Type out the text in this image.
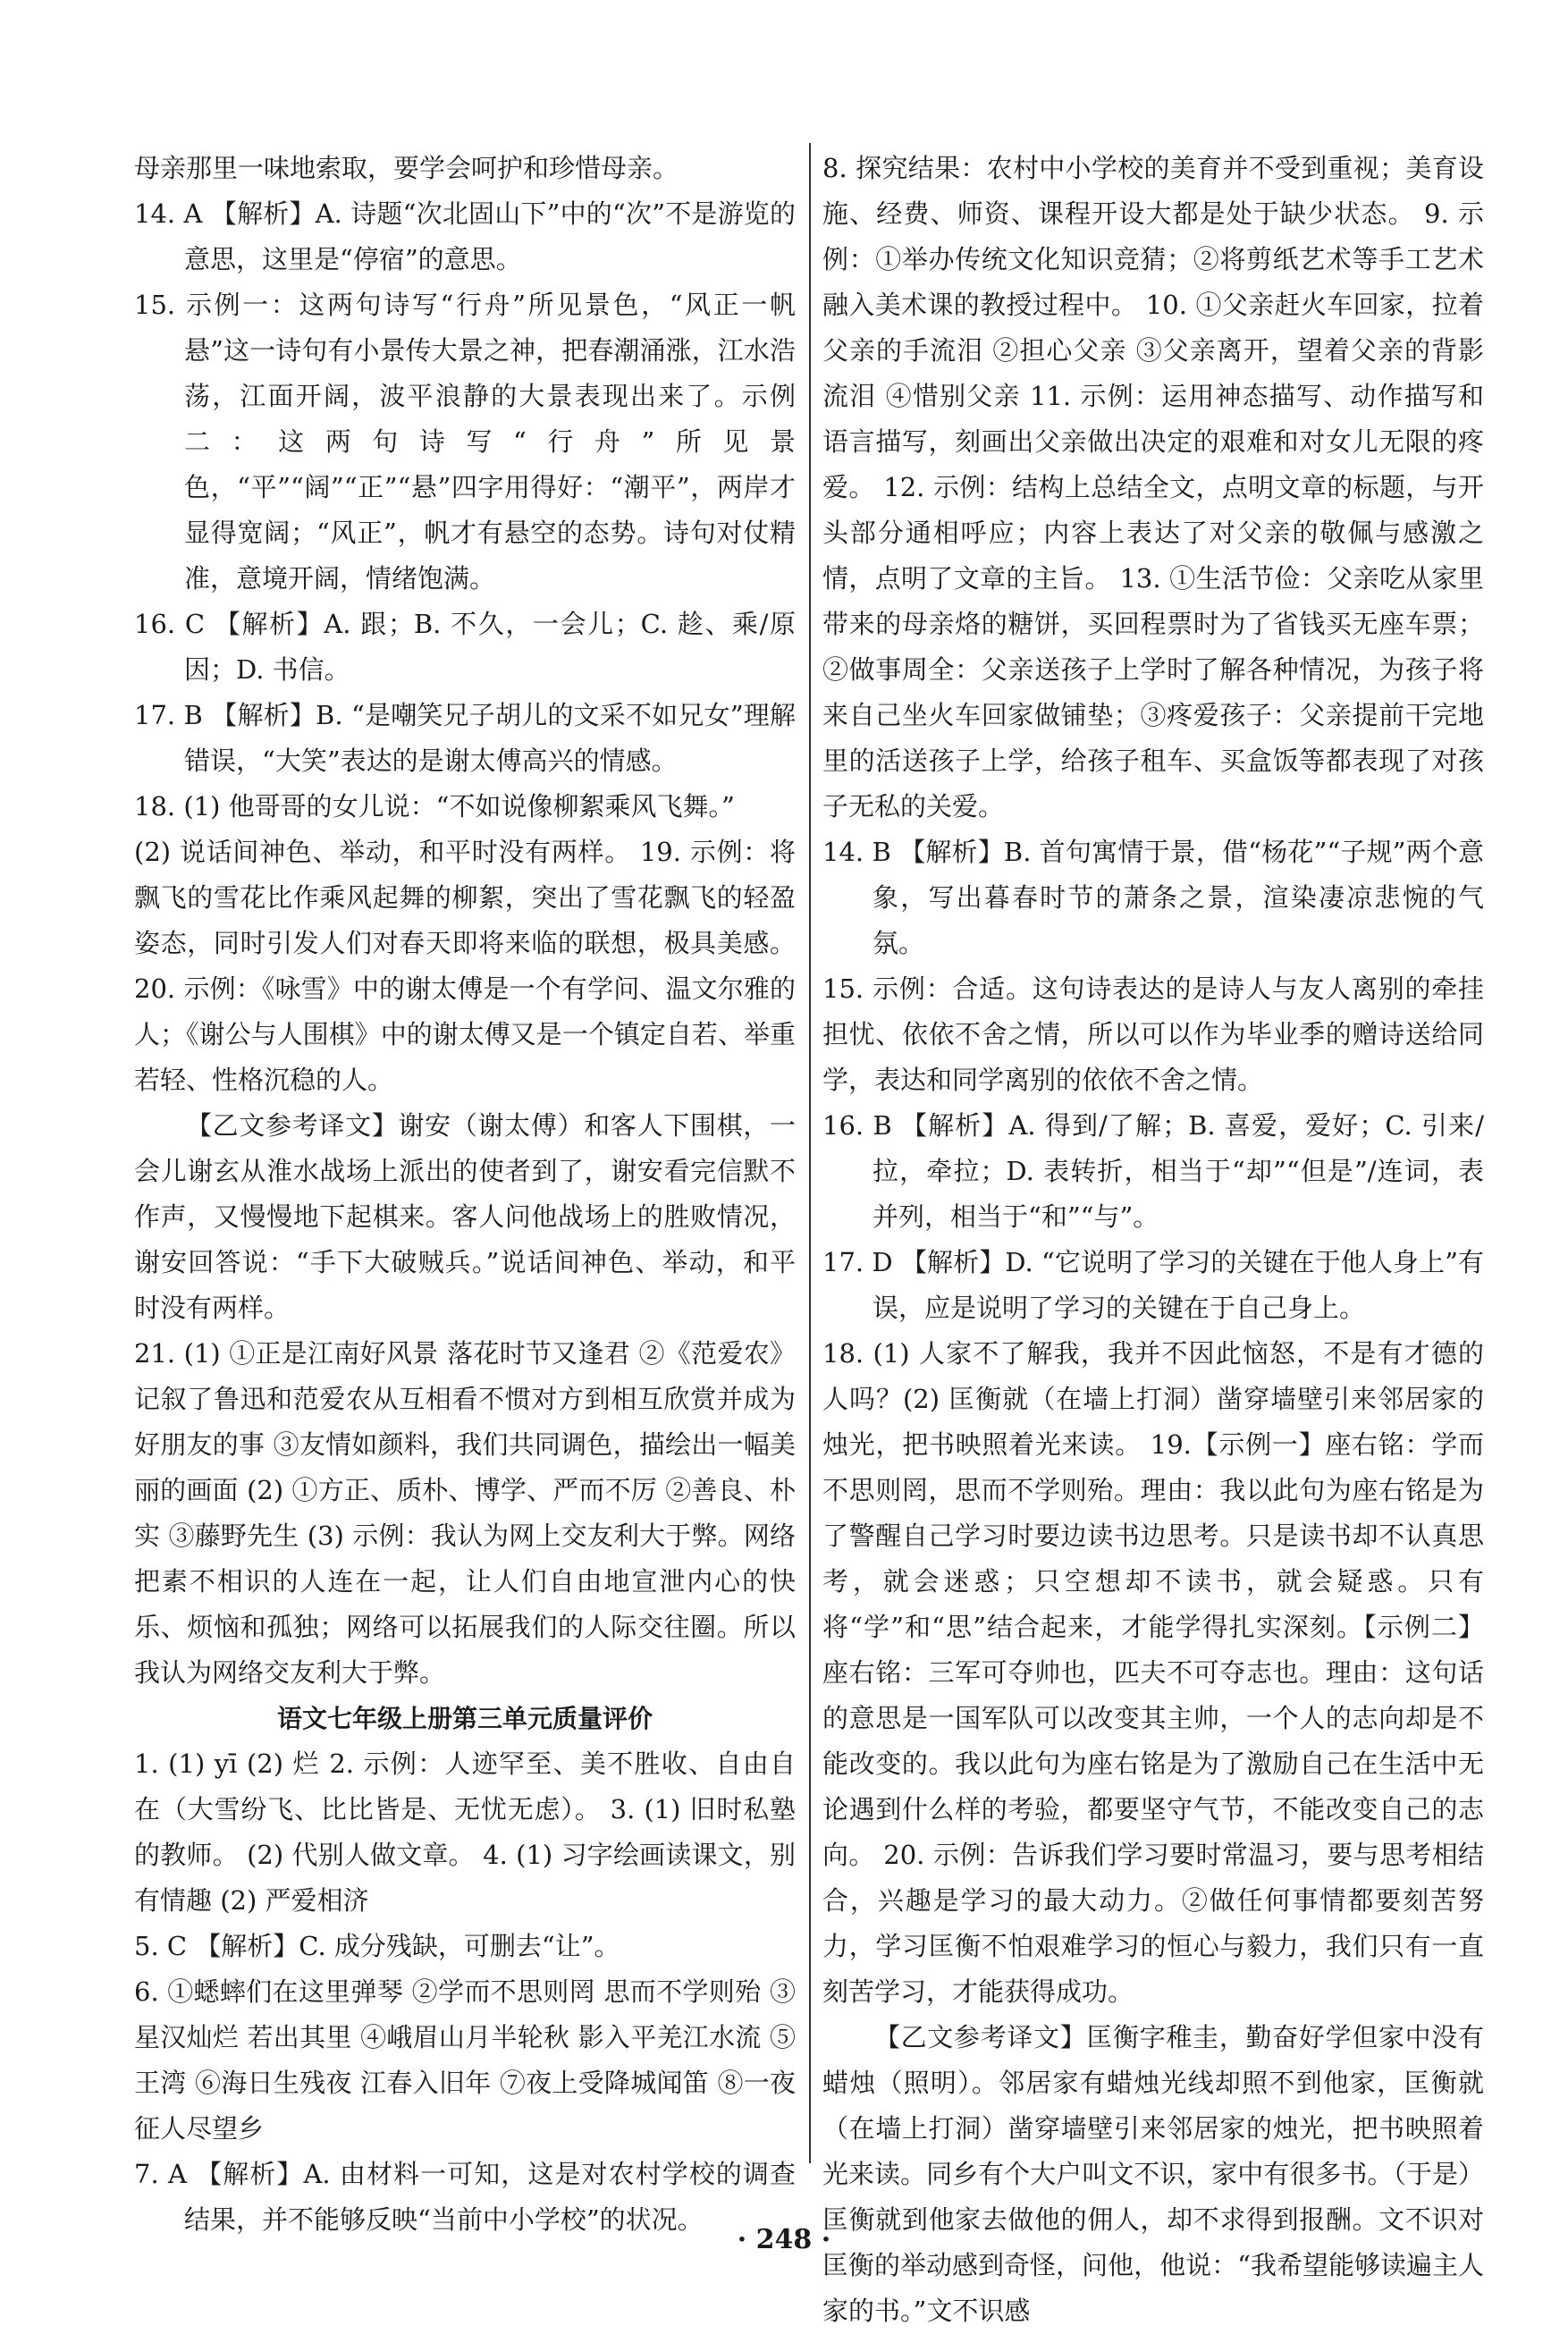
母亲那里一味地索取，要学会呵护和珍惜母亲。

14. A 【解析】A. 诗题“次北固山下”中的“次”不是游览的意思，这里是“停宿”的意思。

15. 示例一：这两句诗写“行舟”所见景色，“风正一帆悬”这一诗句有小景传大景之神，把春潮涌涨，江水浩荡，江面开阔，波平浪静的大景表现出来了。示例二：这两句诗写“行舟”所见景色，“平”“阔”“正”“悬”四字用得好：“潮平”，两岸才显得宽阔；“风正”，帆才有悬空的态势。诗句对仗精准，意境开阔，情绪饱满。

16. C 【解析】A. 跟；B. 不久，一会儿；C. 趁、乘/原因；D. 书信。

17. B 【解析】B. “是嘲笑兄子胡儿的文采不如兄女”理解错误，“大笑”表达的是谢太傅高兴的情感。

18. (1) 他哥哥的女儿说：“不如说像柳絮乘风飞舞。”

(2) 说话间神色、举动，和平时没有两样。 19. 示例：将飘飞的雪花比作乘风起舞的柳絮，突出了雪花飘飞的轻盈姿态，同时引发人们对春天即将来临的联想，极具美感。 20. 示例：《咏雪》中的谢太傅是一个有学问、温文尔雅的人；《谢公与人围棋》中的谢太傅又是一个镇定自若、举重若轻、性格沉稳的人。

【乙文参考译文】谢安（谢太傅）和客人下围棋，一会儿谢玄从淮水战场上派出的使者到了，谢安看完信默不作声，又慢慢地下起棋来。客人问他战场上的胜败情况，谢安回答说：“手下大破贼兵。”说话间神色、举动，和平时没有两样。

21. (1) ①正是江南好风景 落花时节又逢君 ②《范爱农》记叙了鲁迅和范爱农从互相看不惯对方到相互欣赏并成为好朋友的事 ③友情如颜料，我们共同调色，描绘出一幅美丽的画面 (2) ①方正、质朴、博学、严而不厉 ②善良、朴实 ③藤野先生 (3) 示例：我认为网上交友利大于弊。网络把素不相识的人连在一起，让人们自由地宣泄内心的快乐、烦恼和孤独；网络可以拓展我们的人际交往圈。所以我认为网络交友利大于弊。

语文七年级上册第三单元质量评价

1. (1) yī (2) 烂 2. 示例：人迹罕至、美不胜收、自由自在（大雪纷飞、比比皆是、无忧无虑）。 3. (1) 旧时私塾的教师。 (2) 代别人做文章。 4. (1) 习字绘画读课文，别有情趣 (2) 严爱相济

5. C 【解析】C. 成分残缺，可删去“让”。

6. ①蟋蟀们在这里弹琴 ②学而不思则罔 思而不学则殆 ③星汉灿烂 若出其里 ④峨眉山月半轮秋 影入平羌江水流 ⑤王湾 ⑥海日生残夜 江春入旧年 ⑦夜上受降城闻笛 ⑧一夜征人尽望乡

7. A 【解析】A. 由材料一可知，这是对农村学校的调查结果，并不能够反映“当前中小学校”的状况。

8. 探究结果：农村中小学校的美育并不受到重视；美育设施、经费、师资、课程开设大都是处于缺少状态。 9. 示例：①举办传统文化知识竞猜；②将剪纸艺术等手工艺术融入美术课的教授过程中。 10. ①父亲赶火车回家，拉着父亲的手流泪 ②担心父亲 ③父亲离开，望着父亲的背影流泪 ④惜别父亲 11. 示例：运用神态描写、动作描写和语言描写，刻画出父亲做出决定的艰难和对女儿无限的疼爱。 12. 示例：结构上总结全文，点明文章的标题，与开头部分通相呼应；内容上表达了对父亲的敬佩与感激之情，点明了文章的主旨。 13. ①生活节俭：父亲吃从家里带来的母亲烙的糖饼，买回程票时为了省钱买无座车票；②做事周全：父亲送孩子上学时了解各种情况，为孩子将来自己坐火车回家做铺垫；③疼爱孩子：父亲提前干完地里的活送孩子上学，给孩子租车、买盒饭等都表现了对孩子无私的关爱。

14. B 【解析】B. 首句寓情于景，借“杨花”“子规”两个意象，写出暮春时节的萧条之景，渲染凄凉悲惋的气氛。

15. 示例：合适。这句诗表达的是诗人与友人离别的牵挂担忧、依依不舍之情，所以可以作为毕业季的赠诗送给同学，表达和同学离别的依依不舍之情。

16. B 【解析】A. 得到/了解；B. 喜爱，爱好；C. 引来/拉，牵拉；D. 表转折，相当于“却”“但是”/连词，表并列，相当于“和”“与”。

17. D 【解析】D. “它说明了学习的关键在于他人身上”有误，应是说明了学习的关键在于自己身上。

18. (1) 人家不了解我，我并不因此恼怒，不是有才德的人吗？(2) 匡衡就（在墙上打洞）凿穿墙壁引来邻居家的烛光，把书映照着光来读。 19.【示例一】座右铭：学而不思则罔，思而不学则殆。理由：我以此句为座右铭是为了警醒自己学习时要边读书边思考。只是读书却不认真思考，就会迷惑；只空想却不读书，就会疑惑。只有将“学”和“思”结合起来，才能学得扎实深刻。【示例二】座右铭：三军可夺帅也，匹夫不可夺志也。理由：这句话的意思是一国军队可以改变其主帅，一个人的志向却是不能改变的。我以此句为座右铭是为了激励自己在生活中无论遇到什么样的考验，都要坚守气节，不能改变自己的志向。 20. 示例：告诉我们学习要时常温习，要与思考相结合，兴趣是学习的最大动力。②做任何事情都要刻苦努力，学习匡衡不怕艰难学习的恒心与毅力，我们只有一直刻苦学习，才能获得成功。

【乙文参考译文】匡衡字稚圭，勤奋好学但家中没有蜡烛（照明）。邻居家有蜡烛光线却照不到他家，匡衡就（在墙上打洞）凿穿墙壁引来邻居家的烛光，把书映照着光来读。同乡有个大户叫文不识，家中有很多书。（于是）匡衡就到他家去做他的佣人，却不求得到报酬。文不识对匡衡的举动感到奇怪，问他，他说：“我希望能够读遍主人家的书。”文不识感

· 248 ·
